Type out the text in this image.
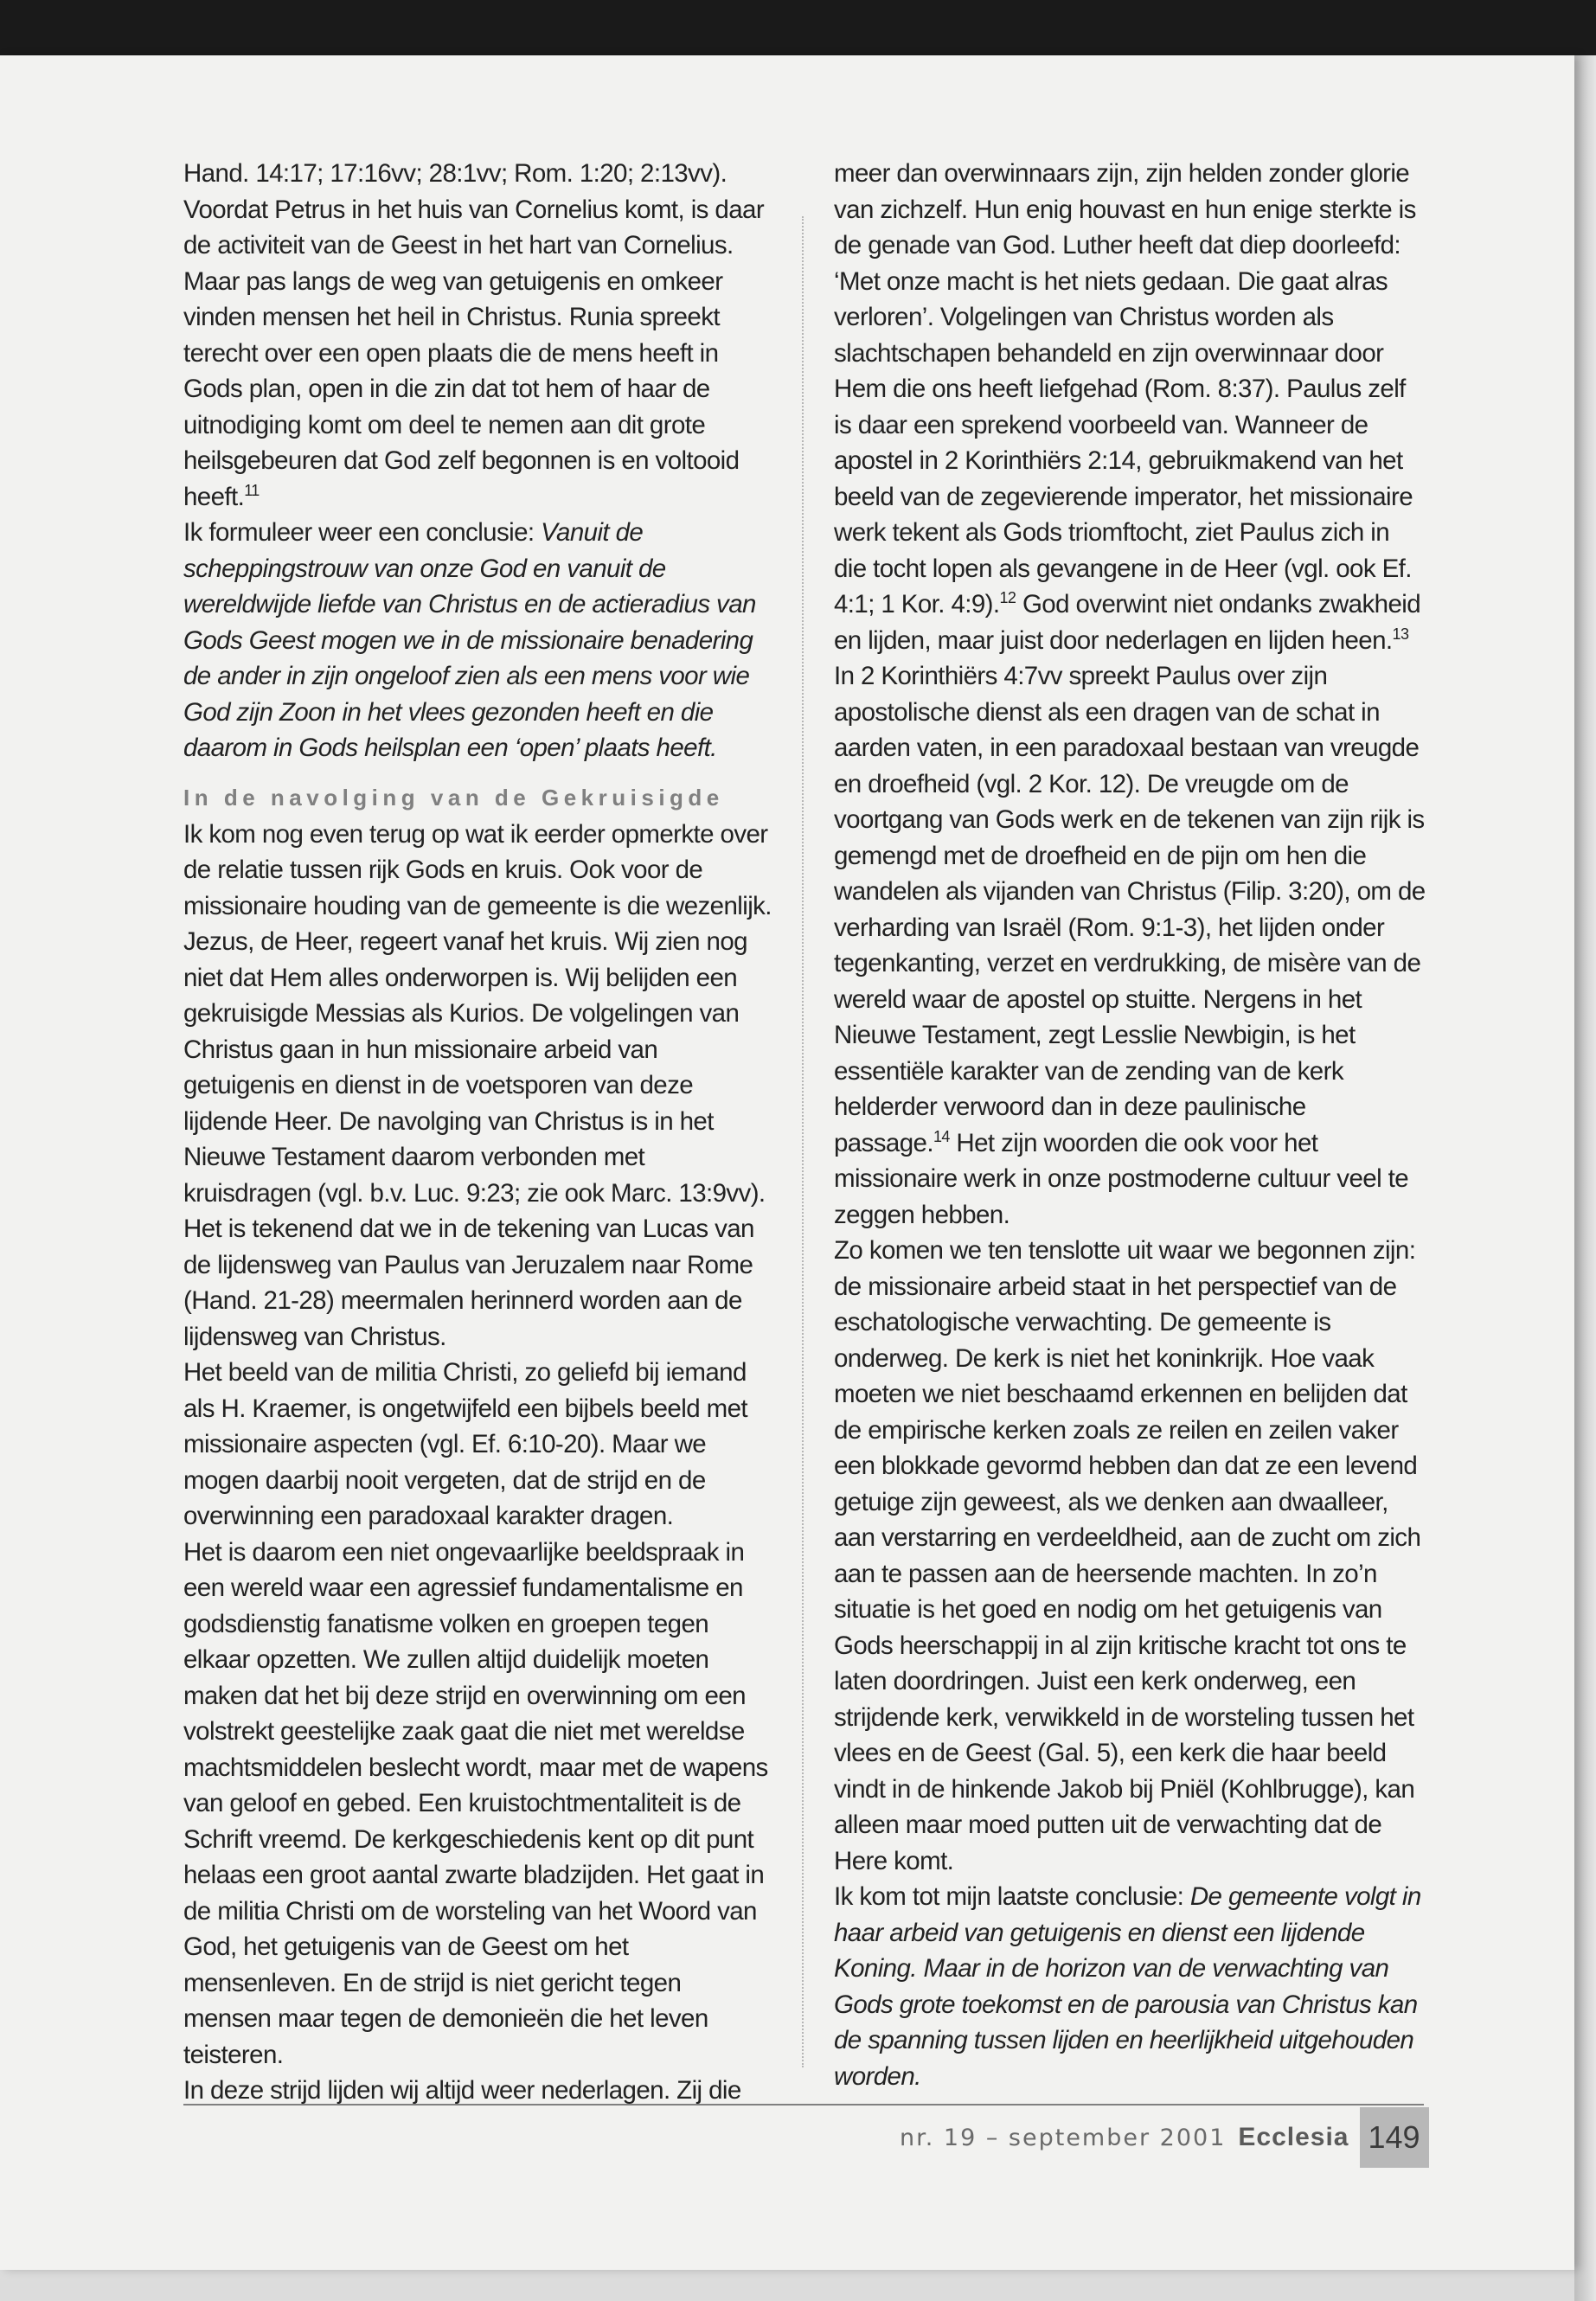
Hand. 14:17; 17:16vv; 28:1vv; Rom. 1:20; 2:13vv). Voordat Petrus in het huis van Cornelius komt, is daar de activiteit van de Geest in het hart van Cornelius. Maar pas langs de weg van getuigenis en omkeer vinden mensen het heil in Christus. Runia spreekt terecht over een open plaats die de mens heeft in Gods plan, open in die zin dat tot hem of haar de uitnodiging komt om deel te nemen aan dit grote heilsgebeuren dat God zelf begonnen is en voltooid heeft.$^{11}$

Ik formuleer weer een conclusie: Vanuit de scheppingstrouw van onze God en vanuit de wereldwijde liefde van Christus en de actieradius van Gods Geest mogen we in de missionaire benadering de ander in zijn ongeloof zien als een mens voor wie God zijn Zoon in het vlees gezonden heeft en die daarom in Gods heilsplan een ‘open’ plaats heeft.

In de navolging van de Gekruisigde

Ik kom nog even terug op wat ik eerder opmerkte over de relatie tussen rijk Gods en kruis. Ook voor de missionaire houding van de gemeente is die wezenlijk. Jezus, de Heer, regeert vanaf het kruis. Wij zien nog niet dat Hem alles onderworpen is. Wij belijden een gekruisigde Messias als Kurios. De volgelingen van Christus gaan in hun missionaire arbeid van getuigenis en dienst in de voetsporen van deze lijdende Heer. De navolging van Christus is in het Nieuwe Testament daarom verbonden met kruisdragen (vgl. b.v. Luc. 9:23; zie ook Marc. 13:9vv). Het is tekenend dat we in de tekening van Lucas van de lijdensweg van Paulus van Jeruzalem naar Rome (Hand. 21-28) meermalen herinnerd worden aan de lijdensweg van Christus.

Het beeld van de militia Christi, zo geliefd bij iemand als H. Kraemer, is ongetwijfeld een bijbels beeld met missionaire aspecten (vgl. Ef. 6:10-20). Maar we mogen daarbij nooit vergeten, dat de strijd en de overwinning een paradoxaal karakter dragen.

Het is daarom een niet ongevaarlijke beeldspraak in een wereld waar een agressief fundamentalisme en godsdienstig fanatisme volken en groepen tegen elkaar opzetten. We zullen altijd duidelijk moeten maken dat het bij deze strijd en overwinning om een volstrekt geestelijke zaak gaat die niet met wereldse machtsmiddelen beslecht wordt, maar met de wapens van geloof en gebed. Een kruistochtmentaliteit is de Schrift vreemd. De kerkgeschiedenis kent op dit punt helaas een groot aantal zwarte bladzijden. Het gaat in de militia Christi om de worsteling van het Woord van God, het getuigenis van de Geest om het mensenleven. En de strijd is niet gericht tegen mensen maar tegen de demonieën die het leven teisteren.

In deze strijd lijden wij altijd weer nederlagen. Zij die

meer dan overwinnaars zijn, zijn helden zonder glorie van zichzelf. Hun enig houvast en hun enige sterkte is de genade van God. Luther heeft dat diep doorleefd: ‘Met onze macht is het niets gedaan. Die gaat alras verloren’. Volgelingen van Christus worden als slachtschapen behandeld en zijn overwinnaar door Hem die ons heeft liefgehad (Rom. 8:37). Paulus zelf is daar een sprekend voorbeeld van. Wanneer de apostel in 2 Korinthiërs 2:14, gebruikmakend van het beeld van de zegevierende imperator, het missionaire werk tekent als Gods triomftocht, ziet Paulus zich in die tocht lopen als gevangene in de Heer (vgl. ook Ef. 4:1; 1 Kor. 4:9).$^{12}$ God overwint niet ondanks zwakheid en lijden, maar juist door nederlagen en lijden heen.$^{13}$

In 2 Korinthiërs 4:7vv spreekt Paulus over zijn apostolische dienst als een dragen van de schat in aarden vaten, in een paradoxaal bestaan van vreugde en droefheid (vgl. 2 Kor. 12). De vreugde om de voortgang van Gods werk en de tekenen van zijn rijk is gemengd met de droefheid en de pijn om hen die wandelen als vijanden van Christus (Filip. 3:20), om de verharding van Israël (Rom. 9:1-3), het lijden onder tegenkanting, verzet en verdrukking, de misère van de wereld waar de apostel op stuitte. Nergens in het Nieuwe Testament, zegt Lesslie Newbigin, is het essentiële karakter van de zending van de kerk helderder verwoord dan in deze paulinische passage.$^{14}$ Het zijn woorden die ook voor het missionaire werk in onze postmoderne cultuur veel te zeggen hebben.

Zo komen we ten tenslotte uit waar we begonnen zijn: de missionaire arbeid staat in het perspectief van de eschatologische verwachting. De gemeente is onderweg. De kerk is niet het koninkrijk. Hoe vaak moeten we niet beschaamd erkennen en belijden dat de empirische kerken zoals ze reilen en zeilen vaker een blokkade gevormd hebben dan dat ze een levend getuige zijn geweest, als we denken aan dwaalleer, aan verstarring en verdeeldheid, aan de zucht om zich aan te passen aan de heersende machten. In zo’n situatie is het goed en nodig om het getuigenis van Gods heerschappij in al zijn kritische kracht tot ons te laten doordringen. Juist een kerk onderweg, een strijdende kerk, verwikkeld in de worsteling tussen het vlees en de Geest (Gal. 5), een kerk die haar beeld vindt in de hinkende Jakob bij Pniël (Kohlbrugge), kan alleen maar moed putten uit de verwachting dat de Here komt.

Ik kom tot mijn laatste conclusie: De gemeente volgt in haar arbeid van getuigenis en dienst een lijdende Koning. Maar in de horizon van de verwachting van Gods grote toekomst en de parousia van Christus kan de spanning tussen lijden en heerlijkheid uitgehouden worden.

nr. 19 – september 2001 Ecclesia 149
